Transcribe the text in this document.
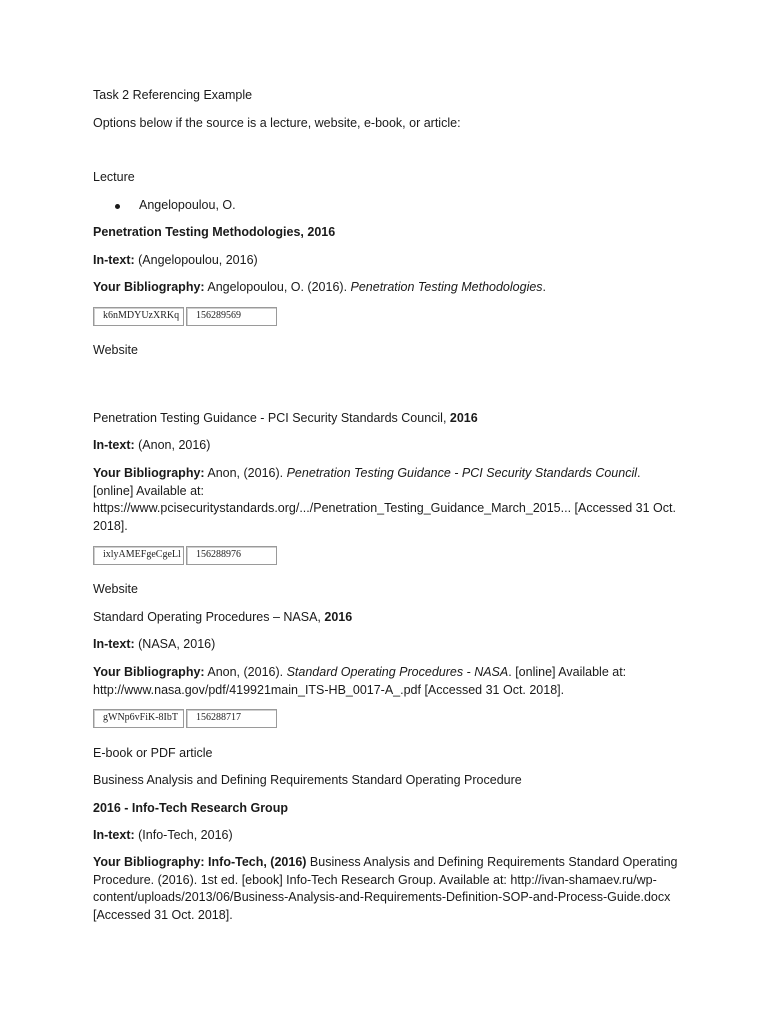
Task 2 Referencing Example
Options below if the source is a lecture, website, e-book, or article:
Lecture
Angelopoulou, O.
Penetration Testing Methodologies, 2016
In-text: (Angelopoulou, 2016)
Your Bibliography: Angelopoulou, O. (2016). Penetration Testing Methodologies.
k6nMDYUzXRKq	156289569
Website
Penetration Testing Guidance - PCI Security Standards Council, 2016
In-text: (Anon, 2016)
Your Bibliography: Anon, (2016). Penetration Testing Guidance - PCI Security Standards Council. [online] Available at: https://www.pcisecuritystandards.org/.../Penetration_Testing_Guidance_March_2015... [Accessed 31 Oct. 2018].
ixlyAMEFgeCgeLl	156288976
Website
Standard Operating Procedures – NASA, 2016
In-text: (NASA, 2016)
Your Bibliography: Anon, (2016). Standard Operating Procedures - NASA. [online] Available at: http://www.nasa.gov/pdf/419921main_ITS-HB_0017-A_.pdf [Accessed 31 Oct. 2018].
gWNp6vFiK-8IbT	156288717
E-book or PDF article
Business Analysis and Defining Requirements Standard Operating Procedure
2016 - Info-Tech Research Group
In-text: (Info-Tech, 2016)
Your Bibliography: Info-Tech, (2016) Business Analysis and Defining Requirements Standard Operating Procedure. (2016). 1st ed. [ebook] Info-Tech Research Group. Available at: http://ivan-shamaev.ru/wp-content/uploads/2013/06/Business-Analysis-and-Requirements-Definition-SOP-and-Process-Guide.docx [Accessed 31 Oct. 2018].
